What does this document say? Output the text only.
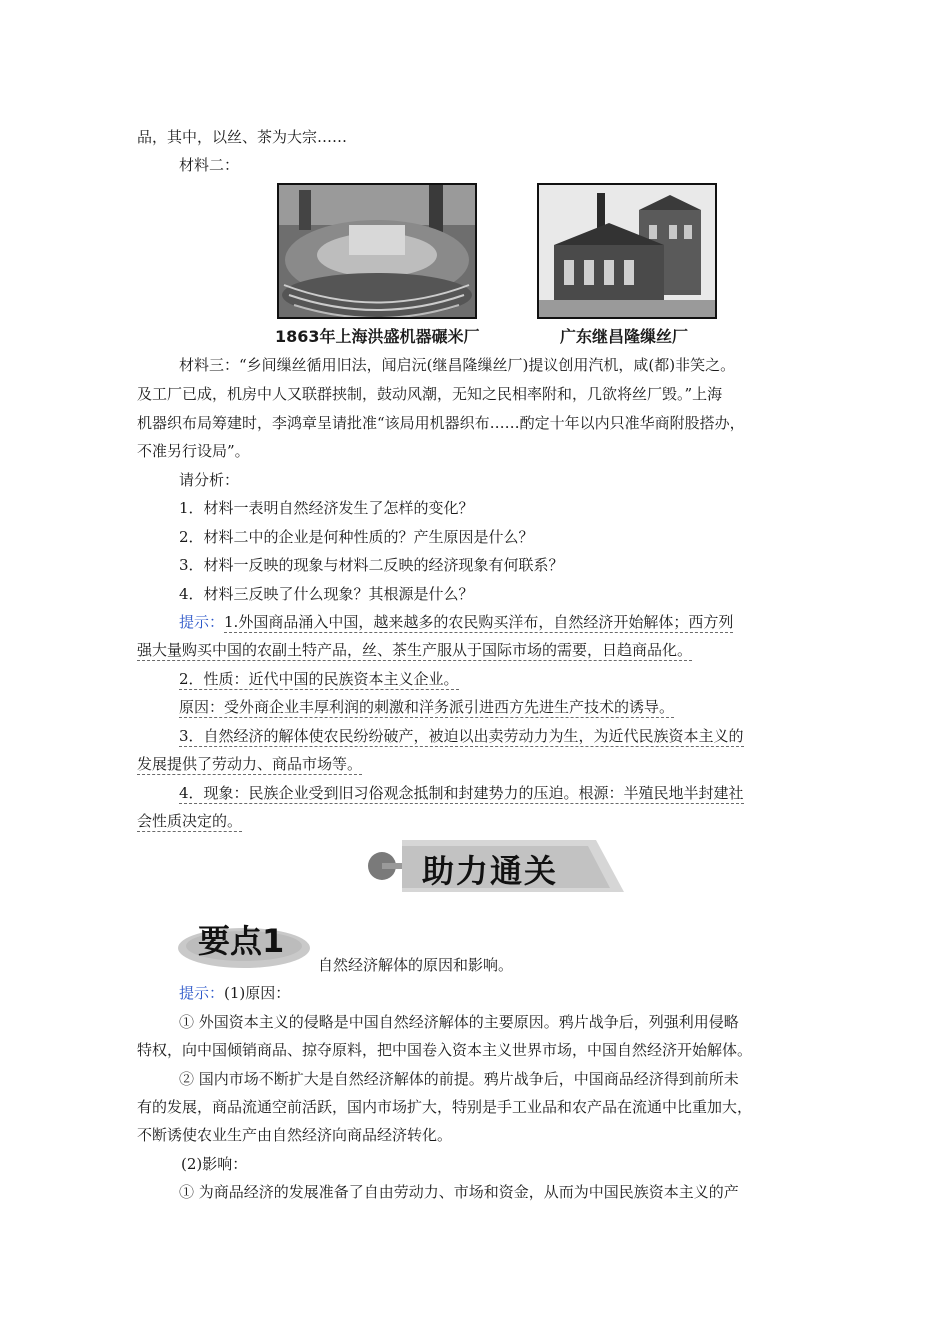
品，其中，以丝、茶为大宗……
材料二：
1863年上海洪盛机器碾米厂	广东继昌隆缫丝厂
材料三：“乡间缫丝循用旧法，闻启沅(继昌隆缫丝厂)提议创用汽机，咸(都)非笑之。
及工厂已成，机房中人又联群挟制，鼓动风潮，无知之民相率附和，几欲将丝厂毁。”上海
机器织布局筹建时，李鸿章呈请批准“该局用机器织布……酌定十年以内只准华商附股搭办，
不准另行设局”。
请分析：
1．材料一表明自然经济发生了怎样的变化？
2．材料二中的企业是何种性质的？产生原因是什么？
3．材料一反映的现象与材料二反映的经济现象有何联系？
4．材料三反映了什么现象？其根源是什么？
提示：1.外国商品涌入中国，越来越多的农民购买洋布，自然经济开始解体；西方列
强大量购买中国的农副土特产品，丝、茶生产服从于国际市场的需要，日趋商品化。
2．性质：近代中国的民族资本主义企业。
原因：受外商企业丰厚利润的刺激和洋务派引进西方先进生产技术的诱导。
3．自然经济的解体使农民纷纷破产，被迫以出卖劳动力为生，为近代民族资本主义的
发展提供了劳动力、商品市场等。
4．现象：民族企业受到旧习俗观念抵制和封建势力的压迫。根源：半殖民地半封建社
会性质决定的。
助力通关
要点1
自然经济解体的原因和影响。
提示：(1)原因：
① 外国资本主义的侵略是中国自然经济解体的主要原因。鸦片战争后，列强利用侵略
特权，向中国倾销商品、掠夺原料，把中国卷入资本主义世界市场，中国自然经济开始解体。
② 国内市场不断扩大是自然经济解体的前提。鸦片战争后，中国商品经济得到前所未
有的发展，商品流通空前活跃，国内市场扩大，特别是手工业品和农产品在流通中比重加大，
不断诱使农业生产由自然经济向商品经济转化。
(2)影响：
① 为商品经济的发展准备了自由劳动力、市场和资金，从而为中国民族资本主义的产
